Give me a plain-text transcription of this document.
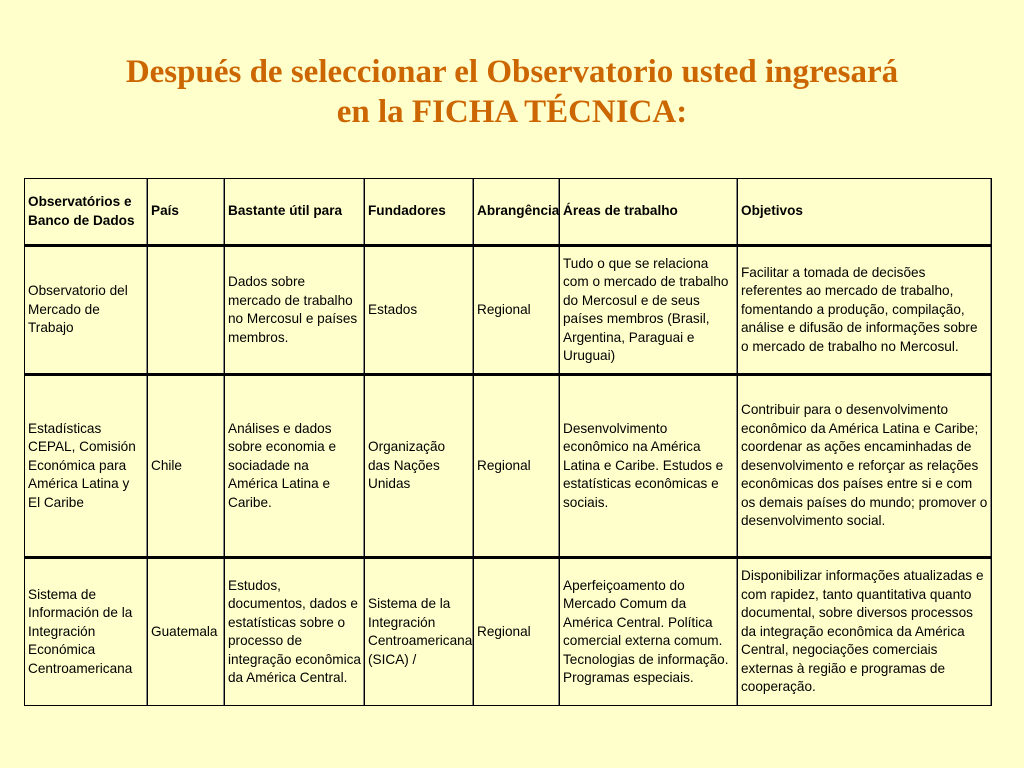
Después de seleccionar el Observatorio usted ingresará
en la FICHA TÉCNICA:
Observatórios e Banco de Dados	País	Bastante útil para	Fundadores	Abrangência	Áreas de trabalho	Objetivos
Observatorio del Mercado de Trabajo		Dados sobre mercado de trabalho no Mercosul e países membros.	Estados	Regional	Tudo o que se relaciona com o mercado de trabalho do Mercosul e de seus países membros (Brasil, Argentina, Paraguai e Uruguai)	Facilitar a tomada de decisões referentes ao mercado de trabalho, fomentando a produção, compilação, análise e difusão de informações sobre o mercado de trabalho no Mercosul.
Estadísticas CEPAL, Comisión Económica para América Latina y El Caribe	Chile	Análises e dados sobre economia e sociadade na América Latina e Caribe.	Organização das Nações Unidas	Regional	Desenvolvimento econômico na América Latina e Caribe. Estudos e estatísticas econômicas e sociais.	Contribuir para o desenvolvimento econômico da América Latina e Caribe; coordenar as ações encaminhadas de desenvolvimento e reforçar as relações econômicas dos países entre si e com os demais países do mundo; promover o desenvolvimento social.
Sistema de Información de la Integración Económica Centroamericana	Guatemala	Estudos, documentos, dados e estatísticas sobre o processo de integração econômica da América Central.	Sistema de la Integración Centroamericana (SICA) /	Regional	Aperfeiçoamento do Mercado Comum da América Central. Política comercial externa comum. Tecnologias de informação. Programas especiais.	Disponibilizar informações atualizadas e com rapidez, tanto quantitativa quanto documental, sobre diversos processos da integração econômica da América Central, negociações comerciais externas à região e programas de cooperação.
